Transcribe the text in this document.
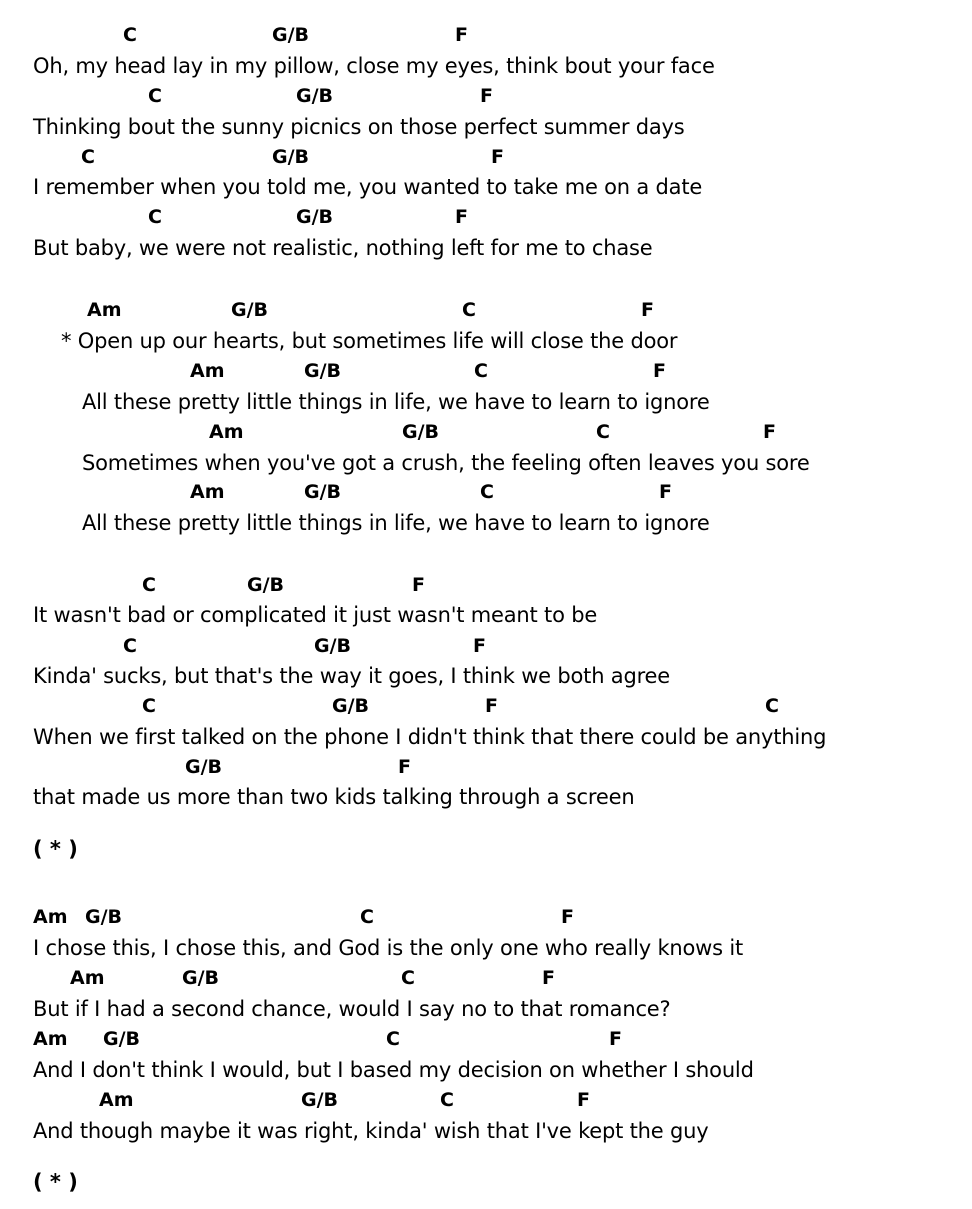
C	G/B	F
Oh, my head lay in my pillow, close my eyes, think bout your face
C	G/B	F
Thinking bout the sunny picnics on those perfect summer days
C	G/B	F
I remember when you told me, you wanted to take me on a date
C	G/B	F
But baby, we were not realistic, nothing left for me to chase
Am	G/B	C	F
* Open up our hearts, but sometimes life will close the door
Am	G/B	C	F
All these pretty little things in life, we have to learn to ignore
Am	G/B	C	F
Sometimes when you've got a crush, the feeling often leaves you sore
Am	G/B	C	F
All these pretty little things in life, we have to learn to ignore
C	G/B	F
It wasn't bad or complicated it just wasn't meant to be
C	G/B	F
Kinda' sucks, but that's the way it goes, I think we both agree
C	G/B	F	C
When we first talked on the phone I didn't think that there could be anything
G/B	F
that made us more than two kids talking through a screen
( * )
Am G/B	C	F
I chose this, I chose this, and God is the only one who really knows it
Am	G/B	C	F
But if I had a second chance, would I say no to that romance?
Am G/B	C	F
And I don't think I would, but I based my decision on whether I should
Am	G/B	C	F
And though maybe it was right, kinda' wish that I've kept the guy
( * )
